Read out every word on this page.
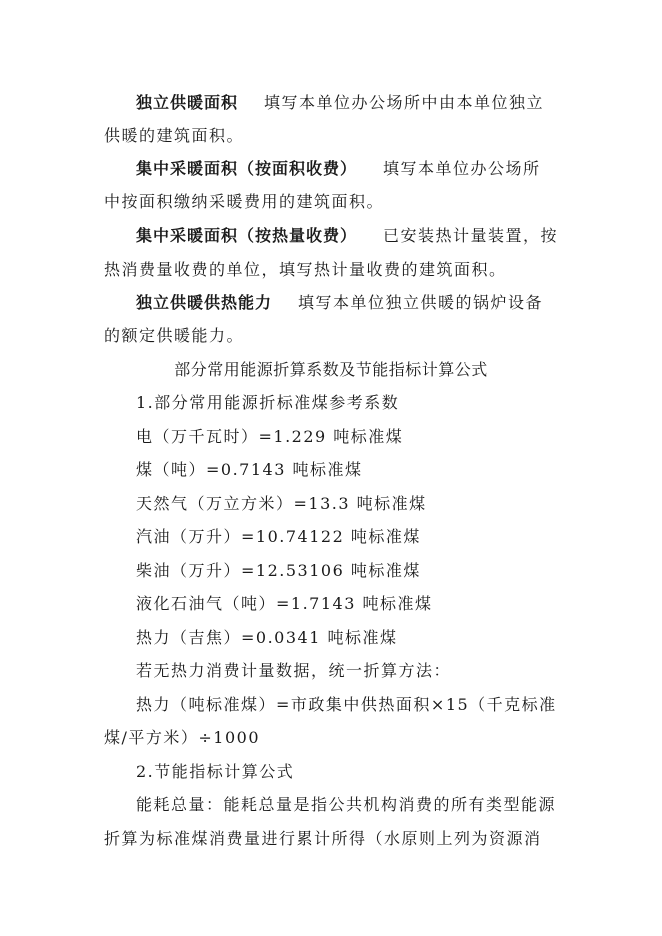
独立供暖面积 填写本单位办公场所中由本单位独立
供暖的建筑面积。
集中采暖面积（按面积收费） 填写本单位办公场所
中按面积缴纳采暖费用的建筑面积。
集中采暖面积（按热量收费） 已安装热计量装置，按
热消费量收费的单位，填写热计量收费的建筑面积。
独立供暖供热能力 填写本单位独立供暖的锅炉设备
的额定供暖能力。
部分常用能源折算系数及节能指标计算公式
1.部分常用能源折标准煤参考系数
电（万千瓦时）=1.229 吨标准煤
煤（吨）=0.7143 吨标准煤
天然气（万立方米）=13.3 吨标准煤
汽油（万升）=10.74122 吨标准煤
柴油（万升）=12.53106 吨标准煤
液化石油气（吨）=1.7143 吨标准煤
热力（吉焦）=0.0341 吨标准煤
若无热力消费计量数据，统一折算方法：
热力（吨标准煤）=市政集中供热面积×15（千克标准
煤/平方米）÷1000
2.节能指标计算公式
能耗总量：能耗总量是指公共机构消费的所有类型能源
折算为标准煤消费量进行累计所得（水原则上列为资源消
